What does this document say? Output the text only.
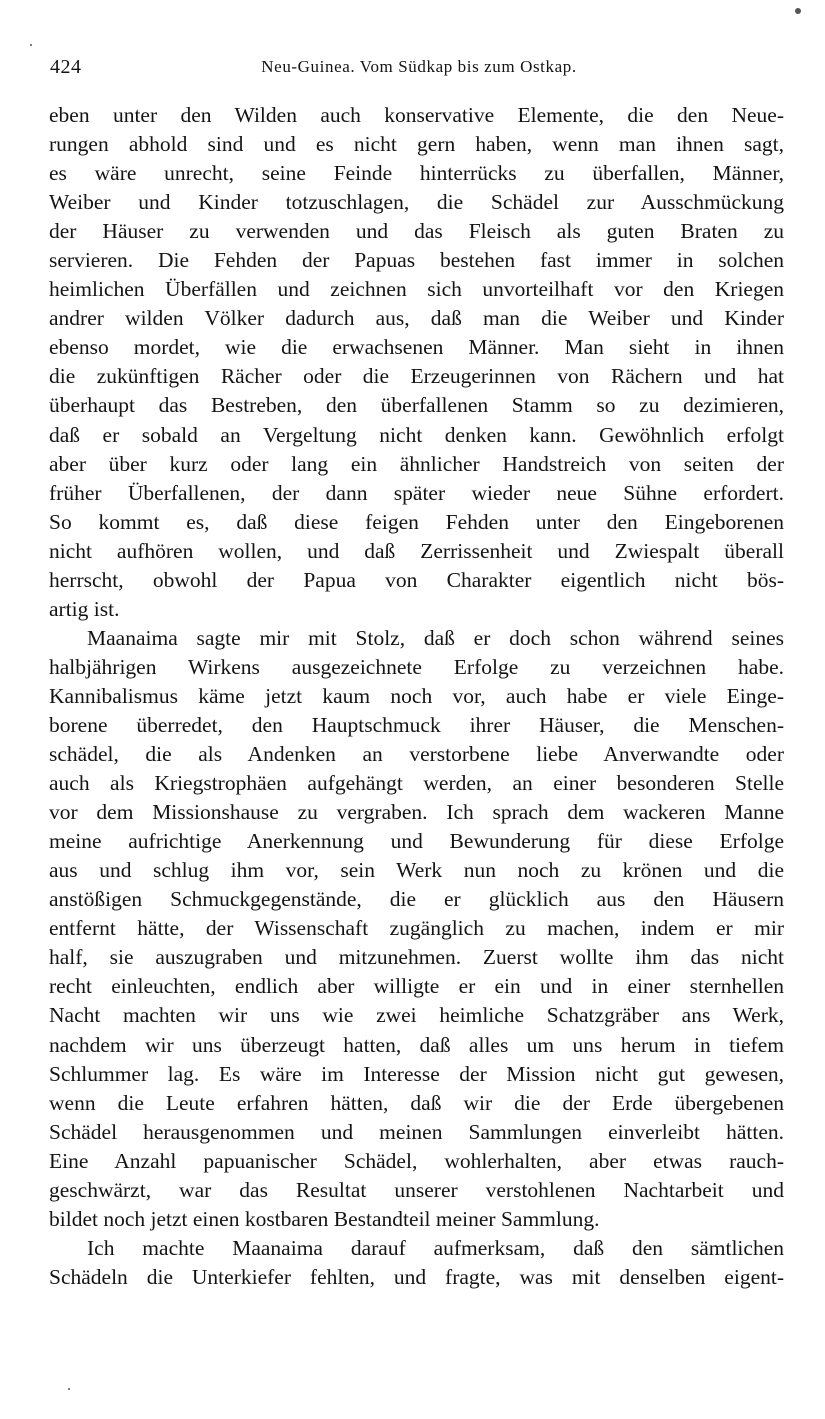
424	Neu-Guinea. Vom Südkap bis zum Ostkap.
eben unter den Wilden auch konservative Elemente, die den Neue-
rungen abhold sind und es nicht gern haben, wenn man ihnen sagt,
es wäre unrecht, seine Feinde hinterrücks zu überfallen, Männer,
Weiber und Kinder totzuschlagen, die Schädel zur Ausschmückung
der Häuser zu verwenden und das Fleisch als guten Braten zu
servieren. Die Fehden der Papuas bestehen fast immer in solchen
heimlichen Überfällen und zeichnen sich unvorteilhaft vor den Kriegen
andrer wilden Völker dadurch aus, daß man die Weiber und Kinder
ebenso mordet, wie die erwachsenen Männer. Man sieht in ihnen
die zukünftigen Rächer oder die Erzeugerinnen von Rächern und hat
überhaupt das Bestreben, den überfallenen Stamm so zu dezimieren,
daß er sobald an Vergeltung nicht denken kann. Gewöhnlich erfolgt
aber über kurz oder lang ein ähnlicher Handstreich von seiten der
früher Überfallenen, der dann später wieder neue Sühne erfordert.
So kommt es, daß diese feigen Fehden unter den Eingeborenen
nicht aufhören wollen, und daß Zerrissenheit und Zwiespalt überall
herrscht, obwohl der Papua von Charakter eigentlich nicht bös-
artig ist.
Maanaima sagte mir mit Stolz, daß er doch schon während seines
halbjährigen Wirkens ausgezeichnete Erfolge zu verzeichnen habe.
Kannibalismus käme jetzt kaum noch vor, auch habe er viele Einge-
borene überredet, den Hauptschmuck ihrer Häuser, die Menschen-
schädel, die als Andenken an verstorbene liebe Anverwandte oder
auch als Kriegstrophäen aufgehängt werden, an einer besonderen Stelle
vor dem Missionshause zu vergraben. Ich sprach dem wackeren Manne
meine aufrichtige Anerkennung und Bewunderung für diese Erfolge
aus und schlug ihm vor, sein Werk nun noch zu krönen und die
anstößigen Schmuckgegenstände, die er glücklich aus den Häusern
entfernt hätte, der Wissenschaft zugänglich zu machen, indem er mir
half, sie auszugraben und mitzunehmen. Zuerst wollte ihm das nicht
recht einleuchten, endlich aber willigte er ein und in einer sternhellen
Nacht machten wir uns wie zwei heimliche Schatzgräber ans Werk,
nachdem wir uns überzeugt hatten, daß alles um uns herum in tiefem
Schlummer lag. Es wäre im Interesse der Mission nicht gut gewesen,
wenn die Leute erfahren hätten, daß wir die der Erde übergebenen
Schädel herausgenommen und meinen Sammlungen einverleibt hätten.
Eine Anzahl papuanischer Schädel, wohlerhalten, aber etwas rauch-
geschwärzt, war das Resultat unserer verstohlenen Nachtarbeit und
bildet noch jetzt einen kostbaren Bestandteil meiner Sammlung.
Ich machte Maanaima darauf aufmerksam, daß den sämtlichen
Schädeln die Unterkiefer fehlten, und fragte, was mit denselben eigent-
